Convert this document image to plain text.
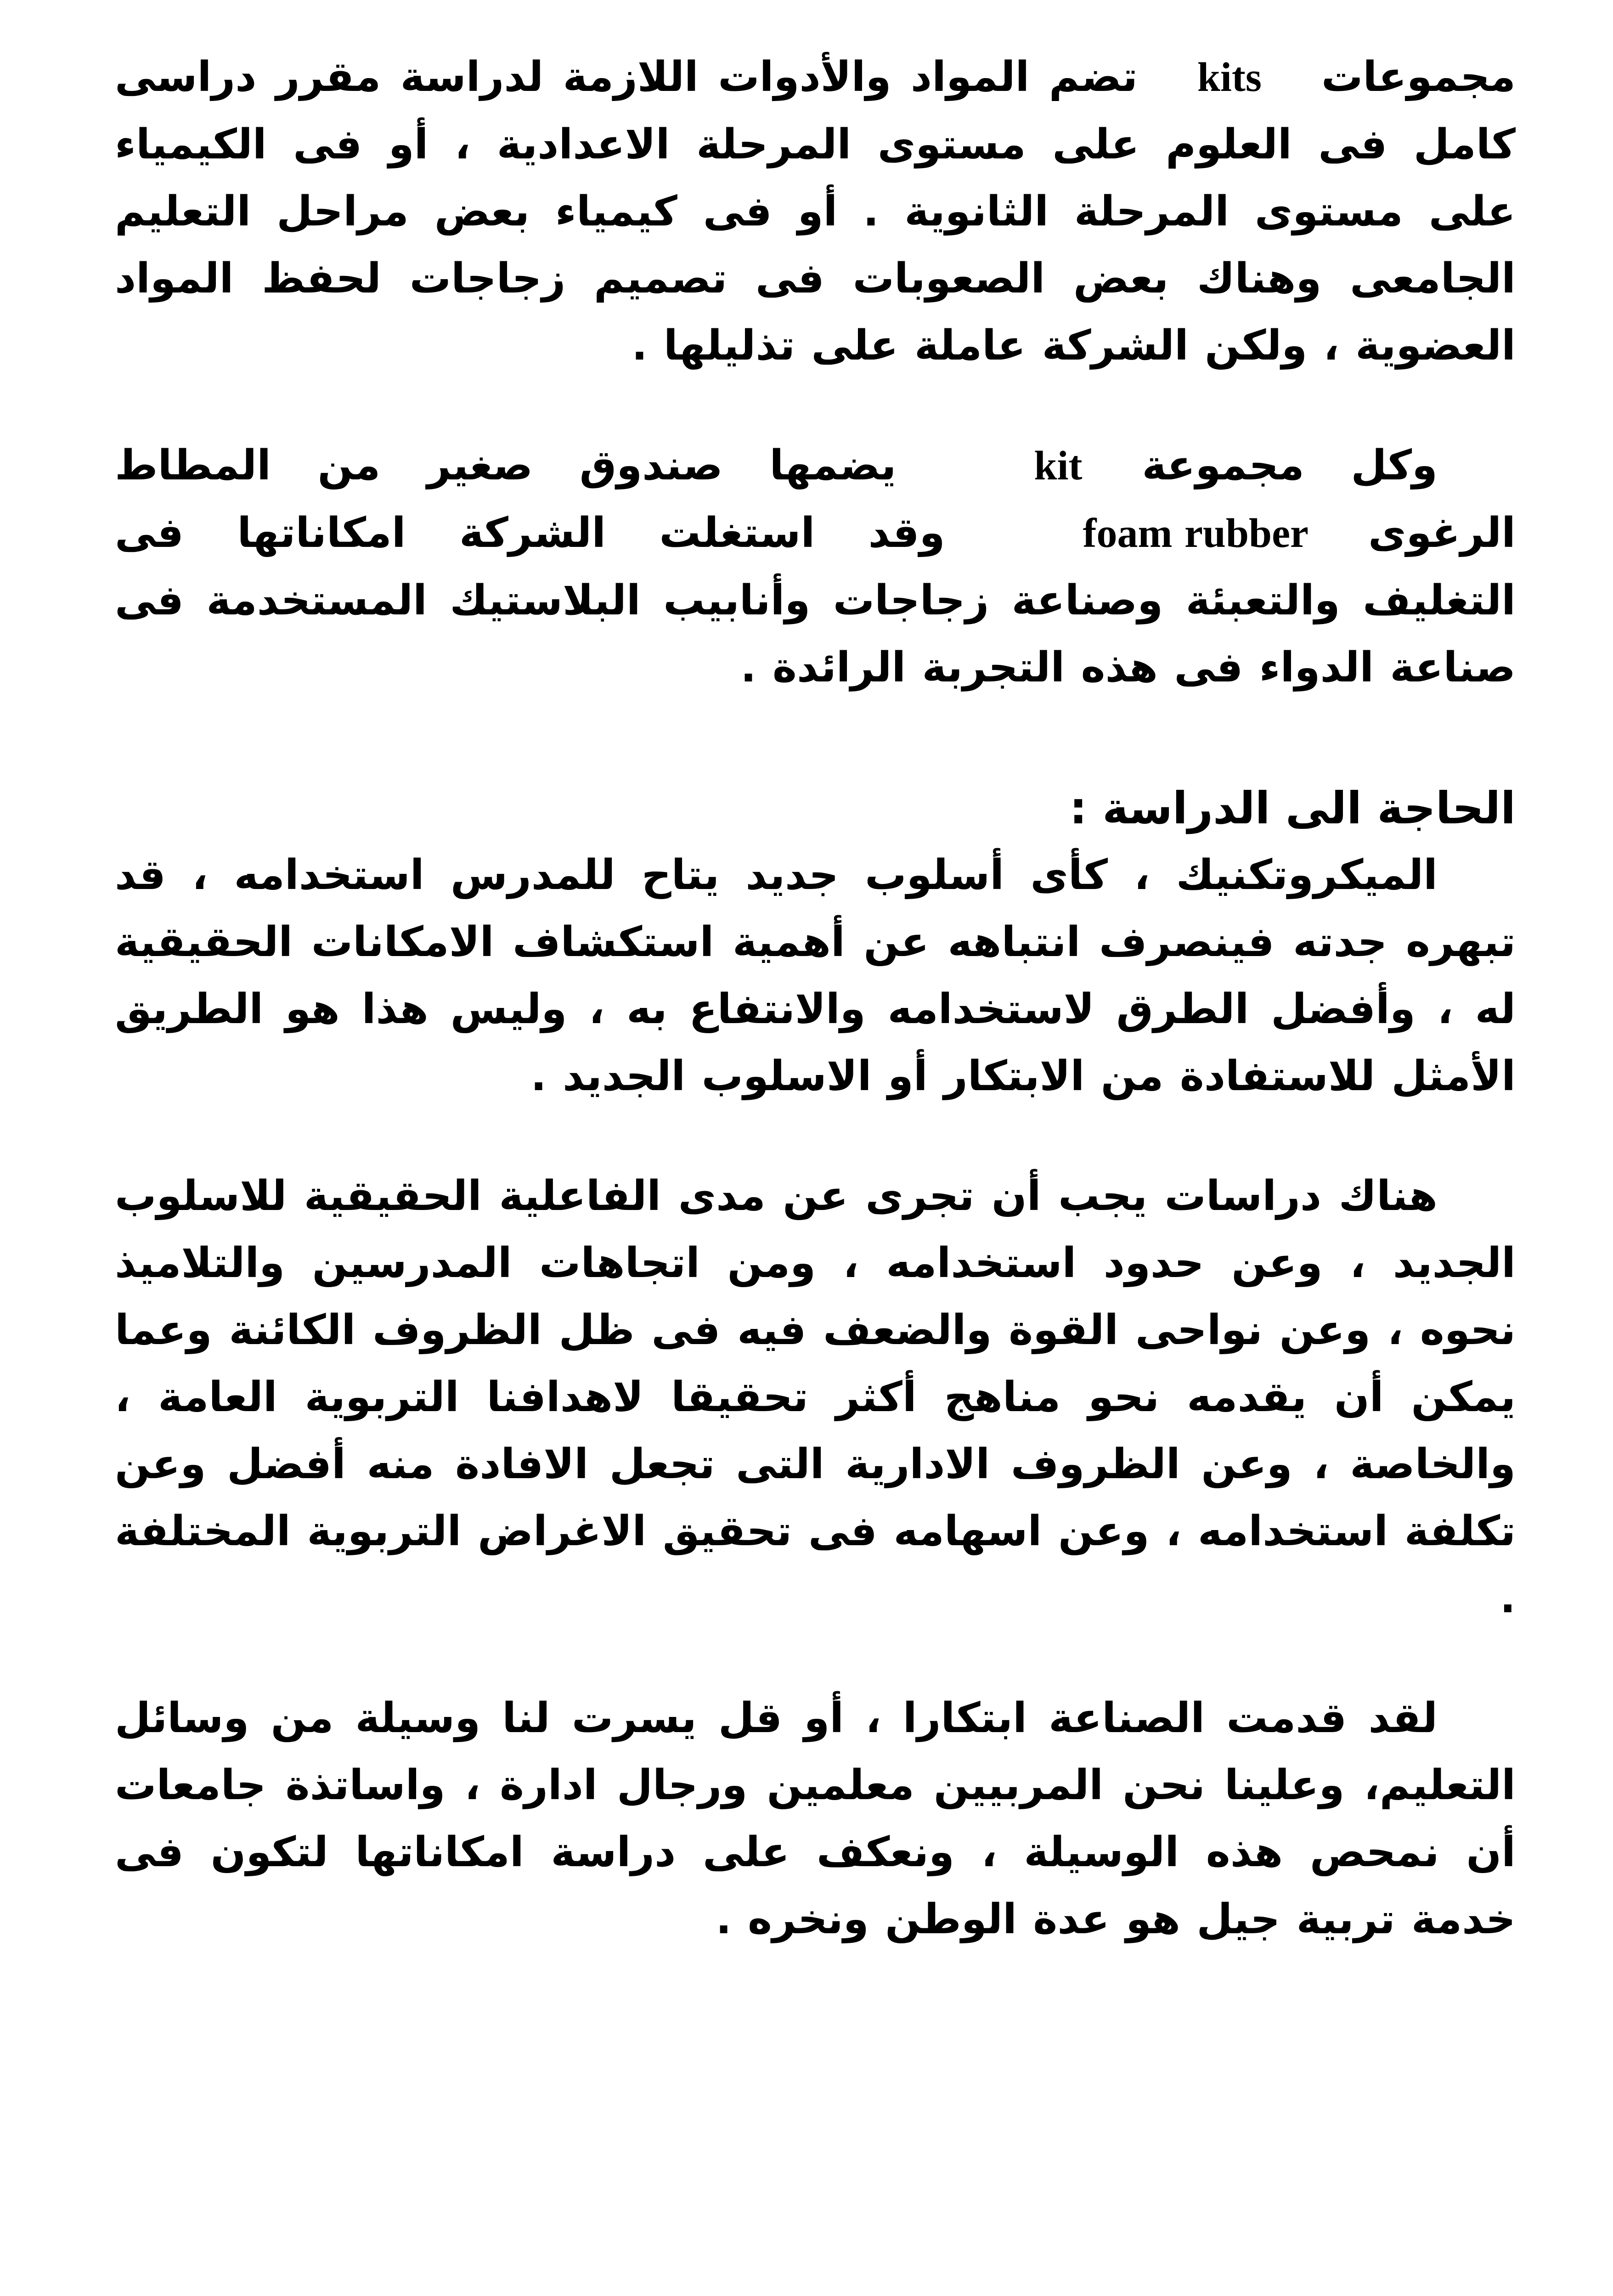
مجموعاتkitsتضم المواد والأدوات اللازمة لدراسة مقرر دراسى كامل فى العلوم على مستوى المرحلة الاعدادية ، أو فى الكيمياء على مستوى المرحلة الثانوية . أو فى كيمياء بعض مراحل التعليم الجامعى وهناك بعض الصعوبات فى تصميم زجاجات لحفظ المواد العضوية ، ولكن الشركة عاملة على تذليلها .

وكل مجموعةkitيضمها صندوق صغير من المطاط الرغوىfoam rubberوقد استغلت الشركة امكاناتها فى التغليف والتعبئة وصناعة زجاجات وأنابيب البلاستيك المستخدمة فى صناعة الدواء فى هذه التجربة الرائدة .

الحاجة الى الدراسة :

الميكروتكنيك ، كأى أسلوب جديد يتاح للمدرس استخدامه ، قد تبهره جدته فينصرف انتباهه عن أهمية استكشاف الامكانات الحقيقية له ، وأفضل الطرق لاستخدامه والانتفاع به ، وليس هذا هو الطريق الأمثل للاستفادة من الابتكار أو الاسلوب الجديد .

هناك دراسات يجب أن تجرى عن مدى الفاعلية الحقيقية للاسلوب الجديد ، وعن حدود استخدامه ، ومن اتجاهات المدرسين والتلاميذ نحوه ، وعن نواحى القوة والضعف فيه فى ظل الظروف الكائنة وعما يمكن أن يقدمه نحو مناهج أكثر تحقيقا لاهدافنا التربوية العامة ، والخاصة ، وعن الظروف الادارية التى تجعل الافادة منه أفضل وعن تكلفة استخدامه ، وعن اسهامه فى تحقيق الاغراض التربوية المختلفة .

لقد قدمت الصناعة ابتكارا ، أو قل يسرت لنا وسيلة من وسائل التعليم، وعلينا نحن المربيين معلمين ورجال ادارة ، واساتذة جامعات أن نمحص هذه الوسيلة ، ونعكف على دراسة امكاناتها لتكون فى خدمة تربية جيل هو عدة الوطن ونخره .
